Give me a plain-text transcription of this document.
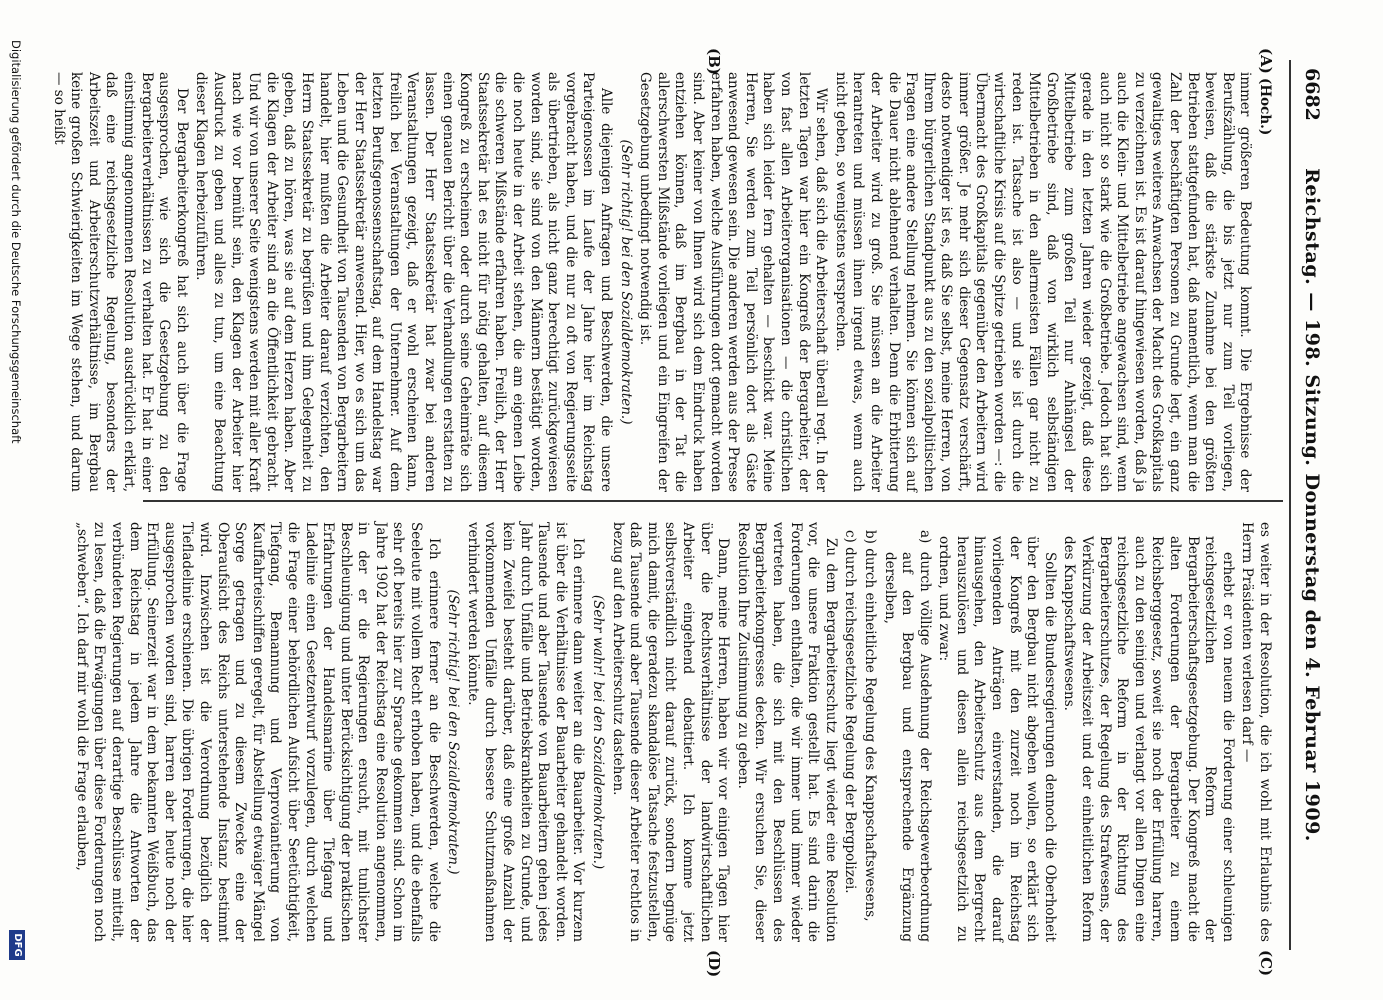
6682
Reichstag. — 198. Sitzung. Donnerstag den 4. Februar 1909.
(A)
(B)
(C)
(D)

(Hoch.)

immer größeren Bedeutung kommt. Die Ergebnisse der Berufszählung, die bis jetzt nur zum Teil vorliegen, beweisen, daß die stärkste Zunahme bei den größten Betrieben stattgefunden hat, daß namentlich, wenn man die Zahl der beschäftigten Personen zu Grunde legt, ein ganz gewaltiges weiteres Anwachsen der Macht des Großkapitals zu verzeichnen ist. Es ist darauf hingewiesen worden, daß ja auch die Klein- und Mittelbetriebe angewachsen sind, wenn auch nicht so stark wie die Großbetriebe. Jedoch hat sich gerade in den letzten Jahren wieder gezeigt, daß diese Mittelbetriebe zum großen Teil nur Anhängsel der Großbetriebe sind, daß von wirklich selbständigen Mittelbetrieben in den allermeisten Fällen gar nicht zu reden ist. Tatsache ist also — und sie ist durch die wirtschaftliche Krisis auf die Spitze getrieben worden —: die Übermacht des Großkapitals gegenüber den Arbeitern wird immer größer. Je mehr sich dieser Gegensatz verschärft, desto notwendiger ist es, daß Sie selbst, meine Herren, von Ihrem bürgerlichen Standpunkt aus zu den sozialpolitischen Fragen eine andere Stellung nehmen. Sie können sich auf die Dauer nicht ablehnend verhalten. Denn die Erbitterung der Arbeiter wird zu groß. Sie müssen an die Arbeiter herantreten und müssen ihnen irgend etwas, wenn auch nicht geben, so wenigstens versprechen.

Wir sehen, daß sich die Arbeiterschaft überall regt. In der letzten Tagen war hier ein Kongreß der Bergarbeiter, der von fast allen Arbeiterorganisationen — die christlichen haben sich leider fern gehalten — beschickt war. Meine Herren, Sie werden zum Teil persönlich dort als Gäste anwesend gewesen sein. Die anderen werden aus der Presse erfahren haben, welche Ausführungen dort gemacht worden sind. Aber keiner von Ihnen wird sich dem Eindruck haben entziehen können, daß im Bergbau in der Tat die allerschwersten Mißstände vorliegen und ein Eingreifen der Gesetzgebung unbedingt notwendig ist.

(Sehr richtig! bei den Sozialdemokraten.)

Alle diejenigen Anfragen und Beschwerden, die unsere Parteigenossen im Laufe der Jahre hier im Reichstag vorgebracht haben, und die nur zu oft von Regierungsseite als übertrieben, als nicht ganz berechtigt zurückgewiesen worden sind, sie sind von den Männern bestätigt worden, die noch heute in der Arbeit stehen, die am eigenen Leibe die schweren Mißstände erfahren haben. Freilich, der Herr Staatssekretär hat es nicht für nötig gehalten, auf diesem Kongreß zu erscheinen oder durch seine Geheimräte sich einen genauen Bericht über die Verhandlungen erstatten zu lassen. Der Herr Staatssekretär hat zwar bei anderen Veranstaltungen gezeigt, daß er wohl erscheinen kann, freilich bei Veranstaltungen der Unternehmer. Auf dem letzten Berufsgenossenschaftstag, auf dem Handelstag war der Herr Staatssekretär anwesend. Hier, wo es sich um das Leben und die Gesundheit von Tausenden von Bergarbeitern handelt, hier mußten die Arbeiter darauf verzichten, den Herrn Staatssekretär zu begrüßen und ihm Gelegenheit zu geben, daß zu hören, was sie auf dem Herzen haben. Aber die Klagen der Arbeiter sind an die Öffentlichkeit gebracht. Und wir von unserer Seite wenigstens werden mit aller Kraft nach wie vor bemüht sein, den Klagen der Arbeiter hier Ausdruck zu geben und alles zu tun, um eine Beachtung dieser Klagen herbeizuführen.

Der Bergarbeiterkongreß hat sich auch über die Frage ausgesprochen, wie sich die Gesetzgebung zu den Bergarbeiterverhältnissen zu verhalten hat. Er hat in einer einstimmig angenommenen Resolution ausdrücklich erklärt, daß eine reichsgesetzliche Regelung, besonders der Arbeitszeit und Arbeiterschutzverhältnisse, im Bergbau keine großen Schwierigkeiten im Wege stehen, und darum — so heißt

es weiter in der Resolution, die ich wohl mit Erlaubnis des Herrn Präsidenten verlesen darf —

erhebt er von neuem die Forderung einer schleunigen reichsgesetzlichen Reform der Bergarbeiterschaftsgesetzgebung. Der Kongreß macht die alten Forderungen der Bergarbeiter zu einem Reichsberggesetz, soweit sie noch der Erfüllung harren, auch zu den seinigen und verlangt vor allen Dingen eine reichsgesetzliche Reform in der Richtung des Bergarbeiterschutzes, der Regelung des Strafwesens, der Verkürzung der Arbeitszeit und der einheitlichen Reform des Knappschaftswesens.

Sollten die Bundesregierungen dennoch die Oberhoheit über den Bergbau nicht abgeben wollen, so erklärt sich der Kongreß mit den zurzeit noch im Reichstag vorliegenden Anträgen einverstanden, die darauf hinausgehen, den Arbeiterschutz aus dem Bergrecht herauszulösen und diesen allein reichsgesetzlich zu ordnen, und zwar:

a) durch völlige Ausdehnung der Reichsgewerbeordnung auf den Bergbau und entsprechende Ergänzung derselben,

b) durch einheitliche Regelung des Knappschaftswesens,

c) durch reichsgesetzliche Regelung der Bergpolizei.

Zu dem Bergarbeiterschutz liegt wieder eine Resolution vor, die unsere Fraktion gestellt hat. Es sind darin die Forderungen enthalten, die wir immer und immer wieder vertreten haben, die sich mit den Beschlüssen des Bergarbeiterkongresses decken. Wir ersuchen Sie, dieser Resolution Ihre Zustimmung zu geben.

Dann, meine Herren, haben wir vor einigen Tagen hier über die Rechtsverhältnisse der landwirtschaftlichen Arbeiter eingehend debattiert. Ich komme jetzt selbstverständlich nicht darauf zurück, sondern begnüge mich damit, die geradezu skandalöse Tatsache festzustellen, daß Tausende und aber Tausende dieser Arbeiter rechtlos in bezug auf den Arbeiterschutz dastehen.

(Sehr wahr! bei den Sozialdemokraten.)

Ich erinnere dann weiter an die Bauarbeiter. Vor kurzem ist über die Verhältnisse der Bauarbeiter gehandelt worden. Tausende und aber Tausende von Bauarbeitern gehen jedes Jahr durch Unfälle und Betriebskrankheiten zu Grunde, und kein Zweifel besteht darüber, daß eine große Anzahl der vorkommenden Unfälle durch bessere Schutzmaßnahmen verhindert werden könnte.

(Sehr richtig! bei den Sozialdemokraten.)

Ich erinnere ferner an die Beschwerden, welche die Seeleute mit vollem Recht erhoben haben, und die ebenfalls sehr oft bereits hier zur Sprache gekommen sind. Schon im Jahre 1902 hat der Reichstag eine Resolution angenommen, in der er die Regierungen ersucht, mit tunlichster Beschleunigung und unter Berücksichtigung der praktischen Erfahrungen der Handelsmarine über Tiefgang und Ladelinie einen Gesetzentwurf vorzulegen, durch welchen die Frage einer behördlichen Aufsicht über Seetüchtigkeit, Tiefgang, Bemannung und Verproviantierung von Kauffahrteischiffen geregelt, für Abstellung etwaiger Mängel Sorge getragen und zu diesem Zwecke eine der Oberaufsicht des Reichs unterstehende Instanz bestimmt wird. Inzwischen ist die Verordnung bezüglich der Tiefladelinie erschienen. Die übrigen Forderungen, die hier ausgesprochen worden sind, harren aber heute noch der Erfüllung. Seinerzeit war in dem bekannten Weißbuch, das dem Reichstag in jedem Jahre die Antworten der verbündeten Regierungen auf derartige Beschlüsse mitteilt, zu lesen, daß die Erwägungen über diese Forderungen noch „schweben“. Ich darf mir wohl die Frage erlauben,

Digitalisierung gefördert durch die Deutsche Forschungsgemeinschaft
DFG
